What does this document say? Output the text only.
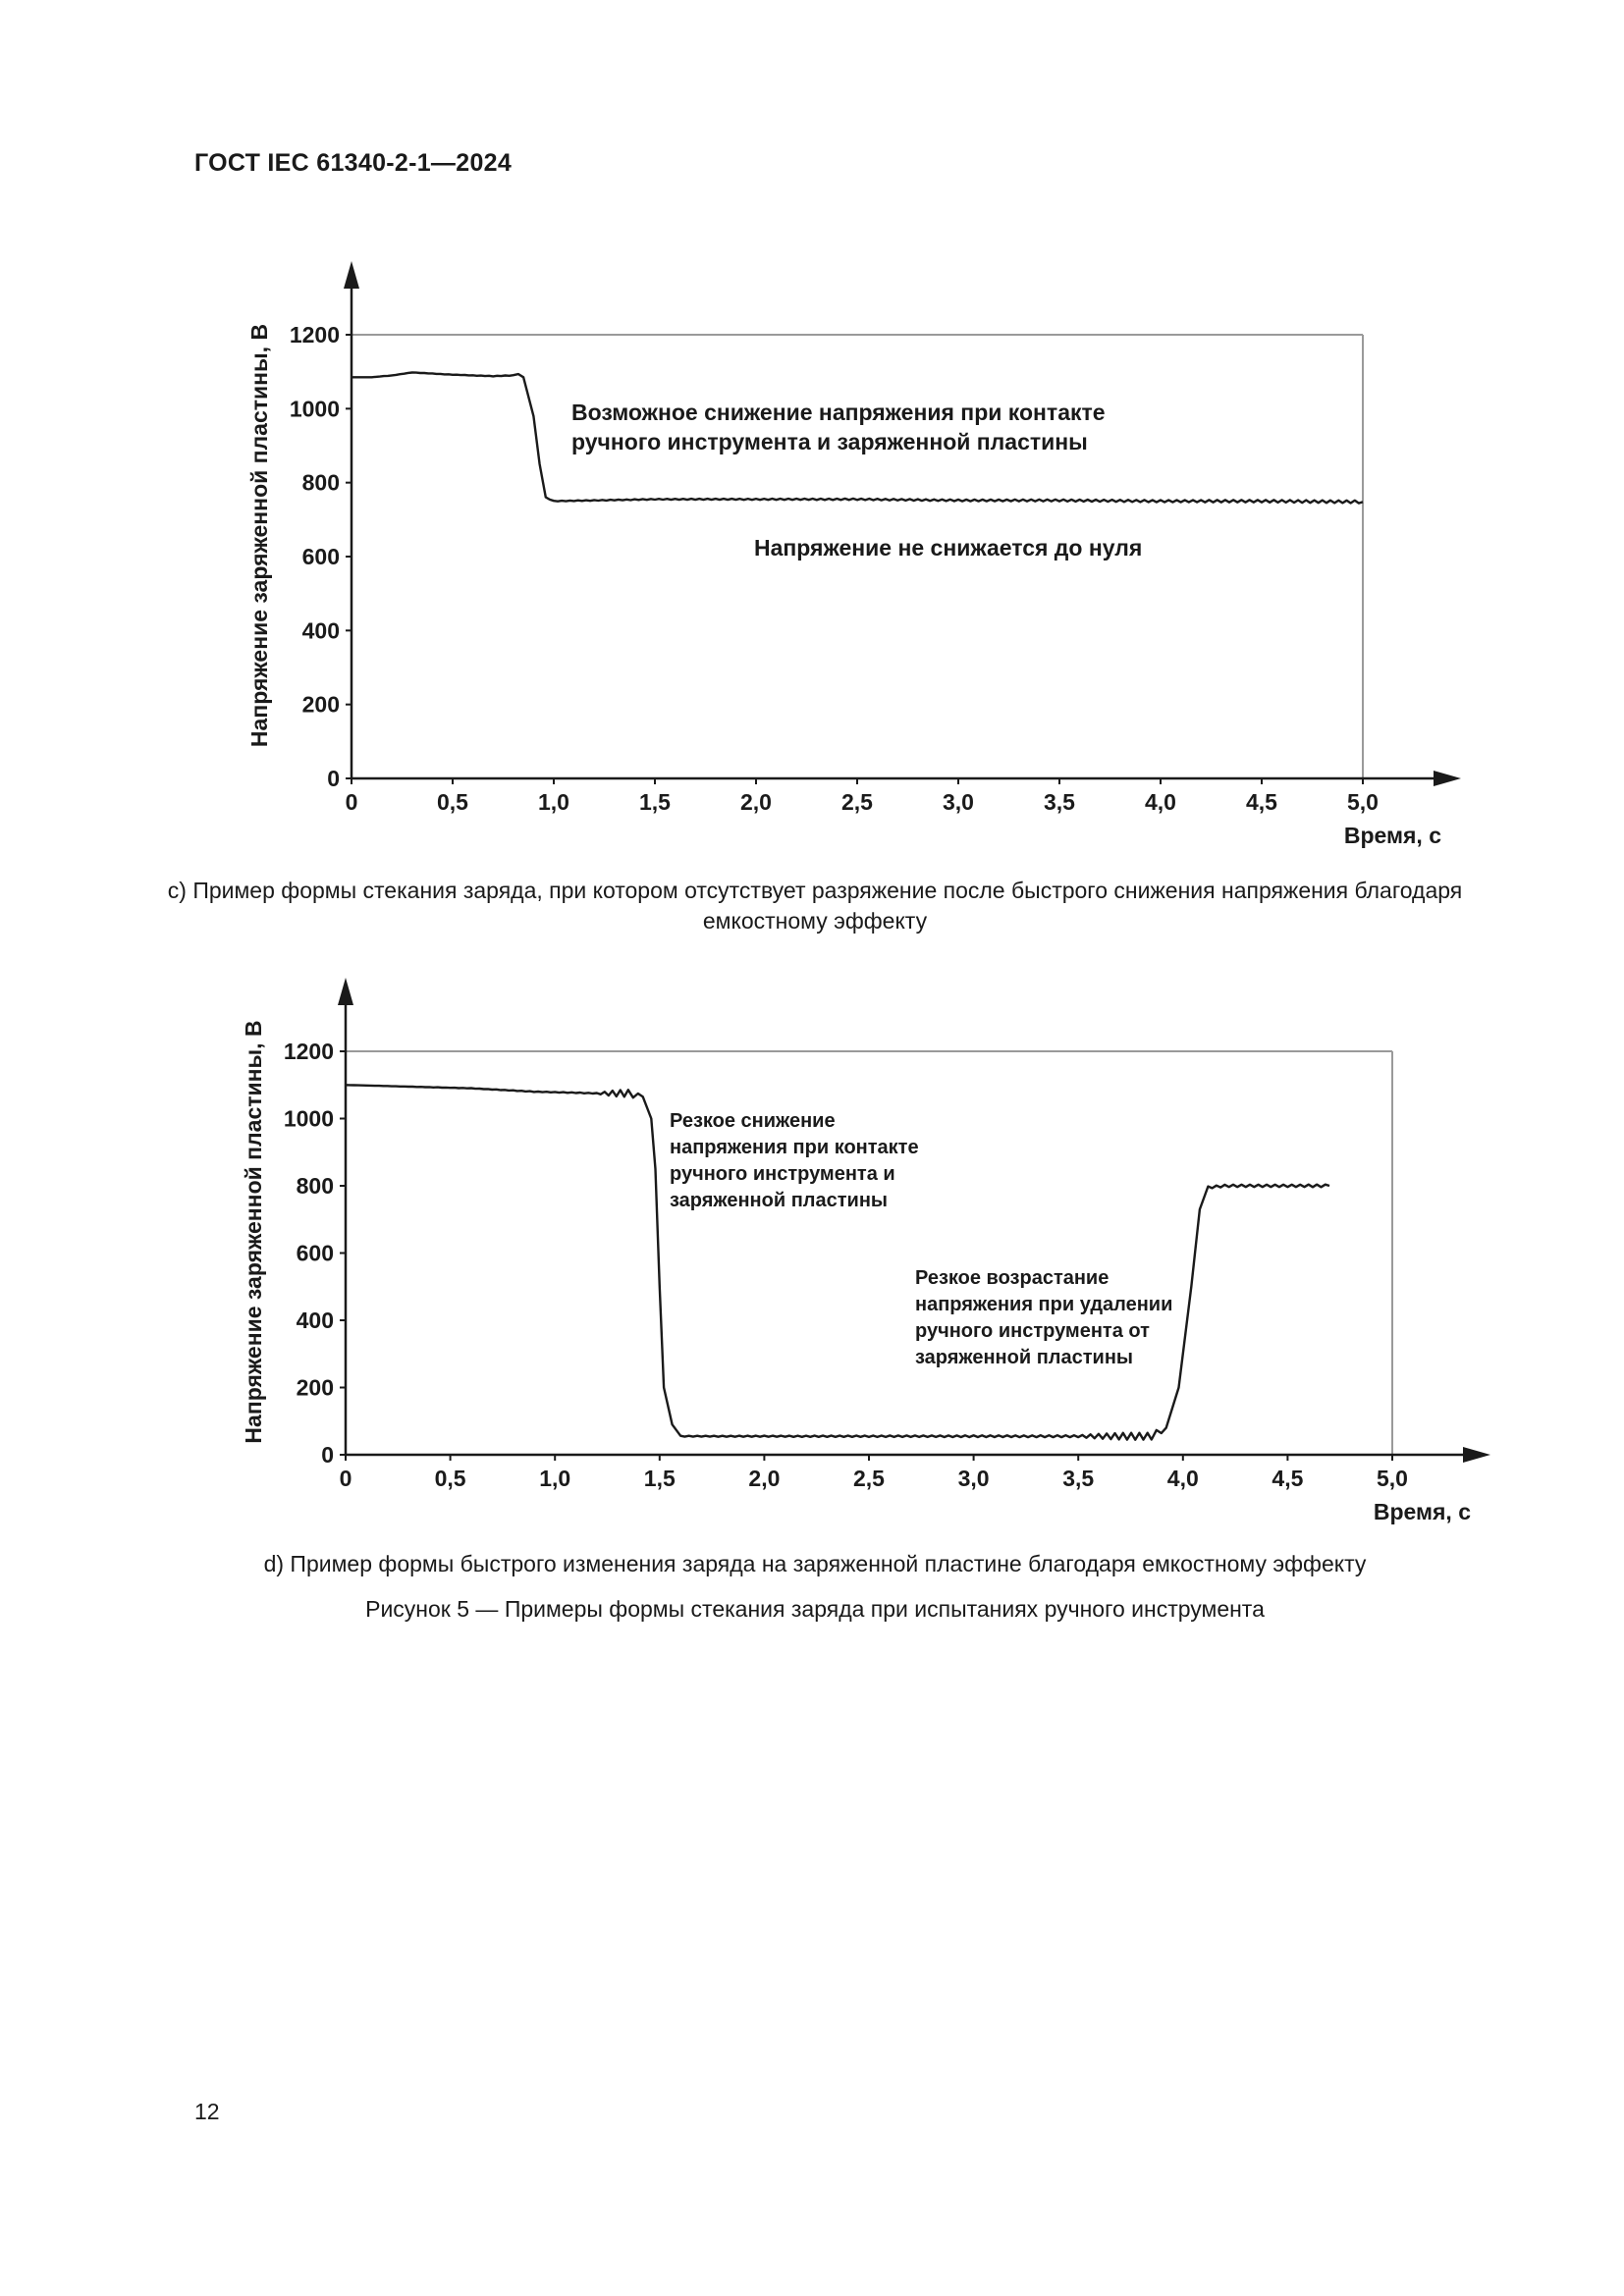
ГОСТ IEC 61340-2-1—2024
0	0,5	1,0	1,5	2,0	2,5	3,0	3,5	4,0	4,5	5,0
0
200
400
600
800
1000
1200
Время, с
Напряжение заряженной пластины, В	Возможное снижение напряжения при контакте
ручного инструмента и заряженной пластины
Напряжение не снижается до нуля
c) Пример формы стекания заряда, при котором отсутствует разряжение после быстрого снижения напряжения благодаря емкостному эффекту
0	0,5	1,0	1,5	2,0	2,5	3,0	3,5	4,0	4,5	5,0
0
200
400
600
800
1000
1200
Время, с
Напряжение заряженной пластины, В	Резкое снижение
напряжения при контакте
ручного инструмента и
заряженной пластины
Резкое возрастание
напряжения при удалении
ручного инструмента от
заряженной пластины
d) Пример формы быстрого изменения заряда на заряженной пластине благодаря емкостному эффекту
Рисунок 5 — Примеры формы стекания заряда при испытаниях ручного инструмента
12
